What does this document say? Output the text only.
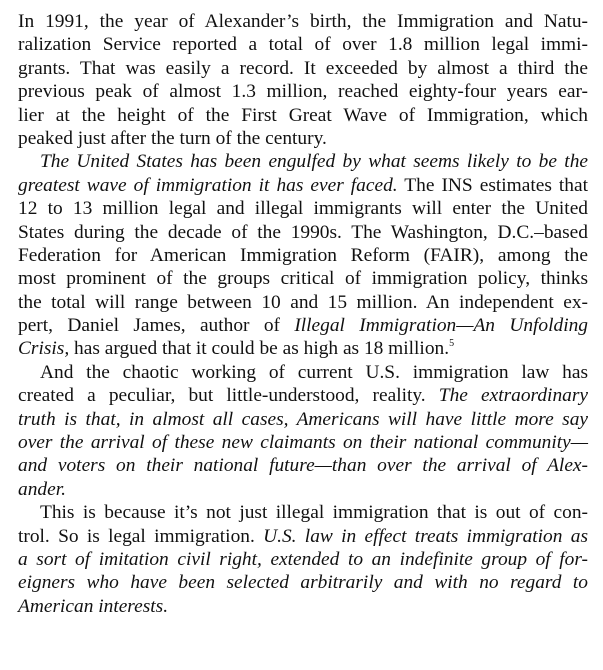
In 1991, the year of Alexander’s birth, the Immigration and Natu-
ralization Service reported a total of over 1.8 million legal immi-
grants. That was easily a record. It exceeded by almost a third the
previous peak of almost 1.3 million, reached eighty-four years ear-
lier at the height of the First Great Wave of Immigration, which
peaked just after the turn of the century.
The United States has been engulfed by what seems likely to be the
greatest wave of immigration it has ever faced. The INS estimates that
12 to 13 million legal and illegal immigrants will enter the United
States during the decade of the 1990s. The Washington, D.C.–based
Federation for American Immigration Reform (FAIR), among the
most prominent of the groups critical of immigration policy, thinks
the total will range between 10 and 15 million. An independent ex-
pert, Daniel James, author of Illegal Immigration—An Unfolding
Crisis, has argued that it could be as high as 18 million.$^5$
And the chaotic working of current U.S. immigration law has
created a peculiar, but little-understood, reality. The extraordinary
truth is that, in almost all cases, Americans will have little more say
over the arrival of these new claimants on their national community—
and voters on their national future—than over the arrival of Alex-
ander.
This is because it’s not just illegal immigration that is out of con-
trol. So is legal immigration. U.S. law in effect treats immigration as
a sort of imitation civil right, extended to an indefinite group of for-
eigners who have been selected arbitrarily and with no regard to
American interests.
